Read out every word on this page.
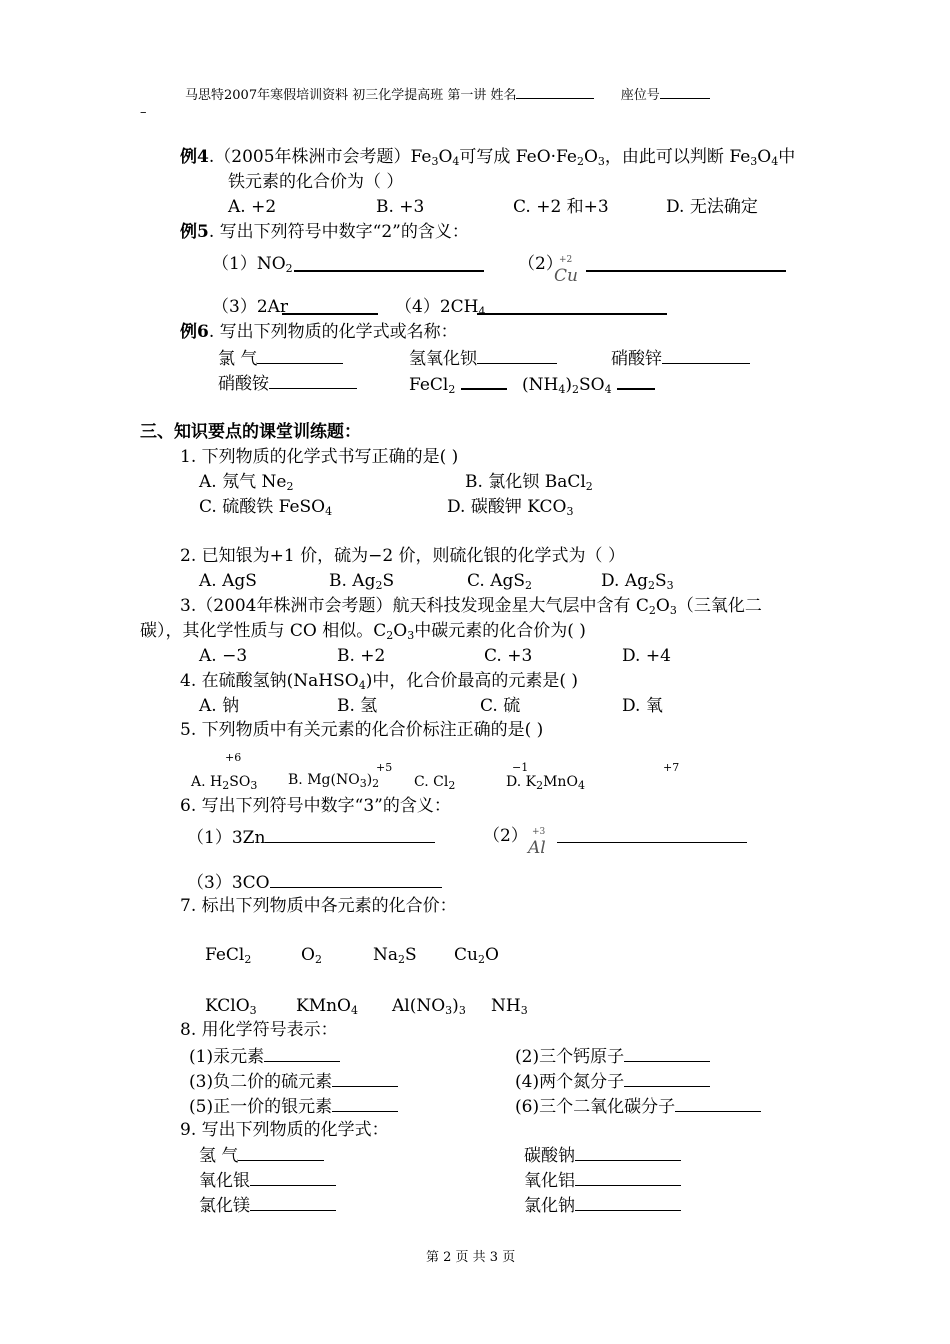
马思特2007年寒假培训资料 初三化学提高班 第一讲 姓名	座位号
–
例4.（2005年株洲市会考题）$Fe_3O_4$可写成 $FeO\cdot Fe_2O_3$，由此可以判断 $Fe_3O_4$中
铁元素的化合价为（ ）
A. +2	B. +3	C. +2 和+3	D. 无法确定
例5. 写出下列符号中数字“2”的含义：
$(1)NO_2$	（2）
+2
Cu
（3）2Ar	$(4)2CH_4$
例6. 写出下列物质的化学式或名称：
氯 气	氢氧化钡	硝酸锌
硝酸铵	FeCl$_2$	$(NH_4)_2SO_4$
三、知识要点的课堂训练题：
1. 下列物质的化学式书写正确的是( )
A. 氖气 $Ne_2$	B. 氯化钡 BaCl$_2$
C. 硫酸铁 FeSO$_4$	D. 碳酸钾 $KCO_3$
2. 已知银为+1 价，硫为−2 价，则硫化银的化学式为（ ）
A. AgS	B. $Ag_2S$	C. AgS$_2$	D. $Ag_2S_3$
3.（2004年株洲市会考题）航天科技发现金星大气层中含有 $C_2O_3$（三氧化二
碳），其化学性质与 CO 相似。$C_2O_3$中碳元素的化合价为( )
A. −3	B. +2	C. +3	D. +4
4. 在硫酸氢钠(NaHSO$_4$)中，化合价最高的元素是( )
A. 钠	B. 氢	C. 硫	D. 氧
5. 下列物质中有关元素的化合价标注正确的是( )
+6
+5	−1	+7
A. $H_2SO_3$ B. $Mg(NO_3)_2$ C. $Cl_2$	D. $K_2MnO_4$
6. 写出下列符号中数字“3”的含义：
（1）3Zn	（2） +3
Al
（3）3CO
7. 标出下列物质中各元素的化合价：
FeCl$_2$	$O_2$	$Na_2S$ $Cu_2O$
KClO$_3$ KMnO$_4$ $Al(NO_3)_3$ $NH_3$
8. 用化学符号表示：
(1)汞元素	(2)三个钙原子
(3)负二价的硫元素	(4)两个氮分子
(5)正一价的银元素	(6)三个二氧化碳分子
9. 写出下列物质的化学式：
氢 气	碳酸钠
氧化银	氧化铝
氯化镁	氯化钠
第 2 页 共 3 页
